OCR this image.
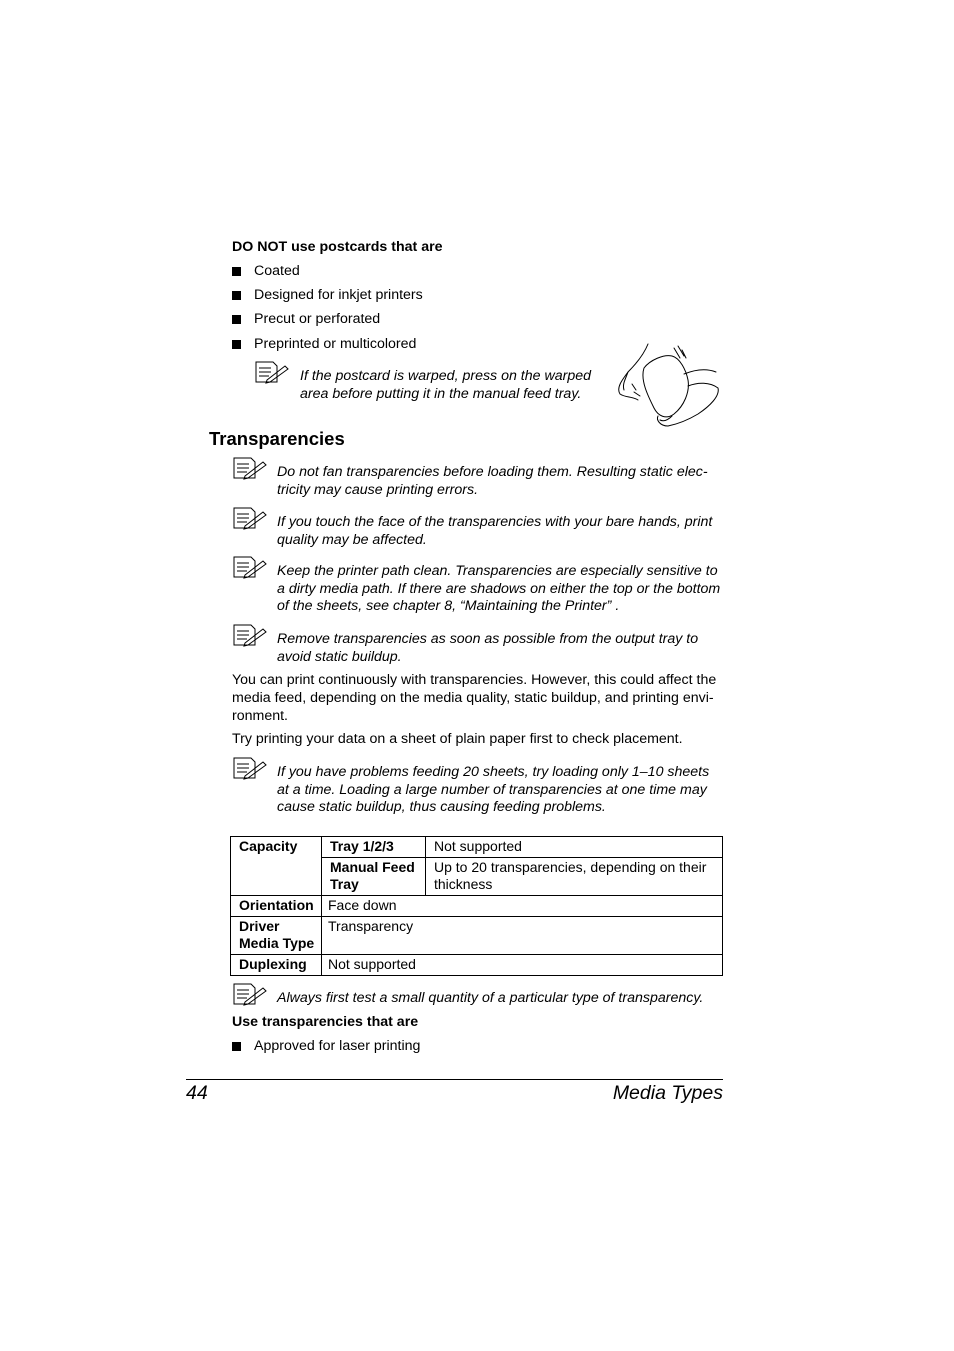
DO NOT use postcards that are
Coated
Designed for inkjet printers
Precut or perforated
Preprinted or multicolored
If the postcard is warped, press on the warped
area before putting it in the manual feed tray.
Transparencies
Do not fan transparencies before loading them. Resulting static elec-
tricity may cause printing errors.
If you touch the face of the transparencies with your bare hands, print
quality may be affected.
Keep the printer path clean. Transparencies are especially sensitive to
a dirty media path. If there are shadows on either the top or the bottom
of the sheets, see chapter 8, “Maintaining the Printer” .
Remove transparencies as soon as possible from the output tray to
avoid static buildup.
You can print continuously with transparencies. However, this could affect the
media feed, depending on the media quality, static buildup, and printing envi-
ronment.
Try printing your data on a sheet of plain paper first to check placement.
If you have problems feeding 20 sheets, try loading only 1–10 sheets
at a time. Loading a large number of transparencies at one time may
cause static buildup, thus causing feeding problems.
Capacity	Tray 1/2/3	Not supported
	Manual Feed Tray	Up to 20 transparencies, depending on their thickness
Orientation	Face down	
Driver Media Type	Transparency	
Duplexing	Not supported	
Always first test a small quantity of a particular type of transparency.
Use transparencies that are
Approved for laser printing
44	Media Types
